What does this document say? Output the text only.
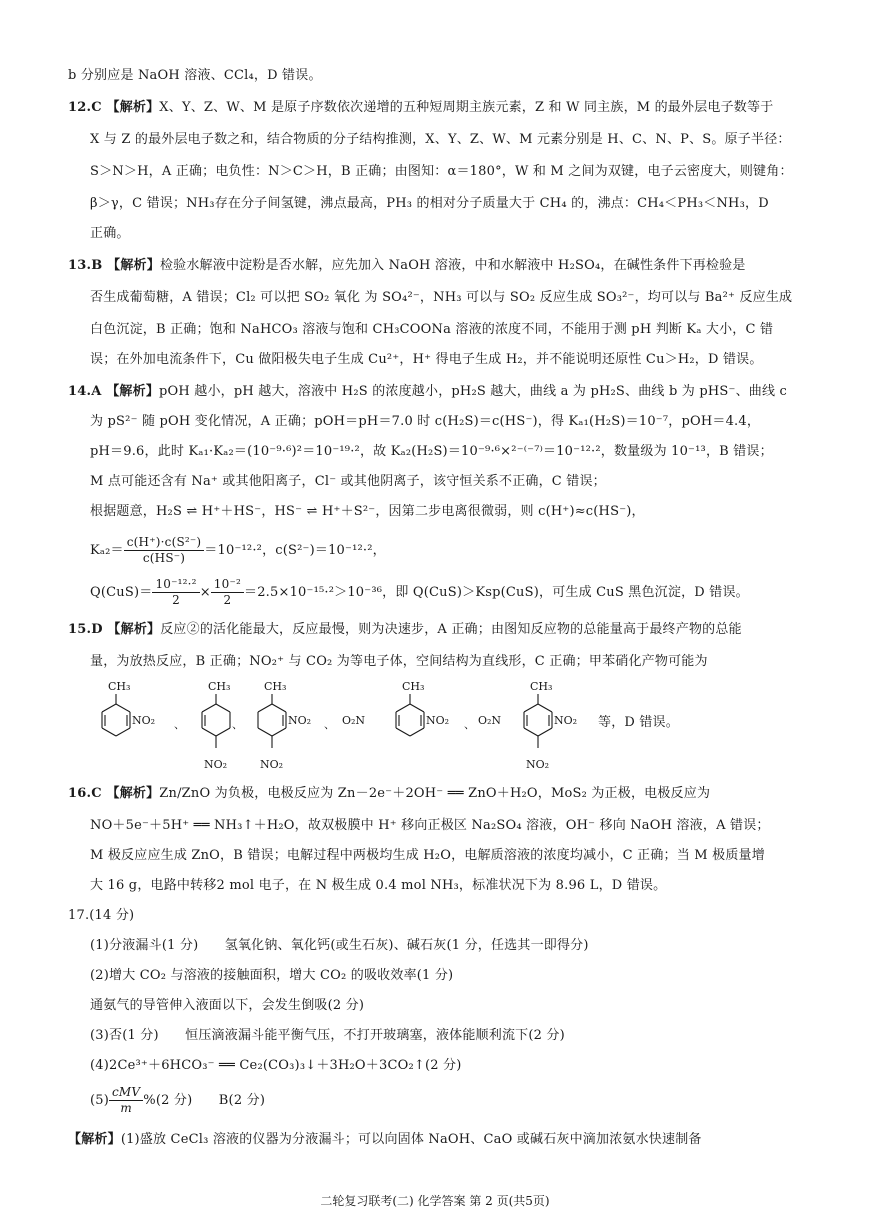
b 分别应是 NaOH 溶液、CCl₄，D 错误。
12.C 【解析】X、Y、Z、W、M 是原子序数依次递增的五种短周期主族元素，Z 和 W 同主族，M 的最外层电子数等于
X 与 Z 的最外层电子数之和，结合物质的分子结构推测，X、Y、Z、W、M 元素分别是 H、C、N、P、S。原子半径：
S＞N＞H，A 正确；电负性：N＞C＞H，B 正确；由图知：α＝180°，W 和 M 之间为双键，电子云密度大，则键角：
β＞γ，C 错误；NH₃存在分子间氢键，沸点最高，PH₃ 的相对分子质量大于 CH₄ 的，沸点：CH₄＜PH₃＜NH₃，D
正确。
13.B 【解析】检验水解液中淀粉是否水解，应先加入 NaOH 溶液，中和水解液中 H₂SO₄，在碱性条件下再检验是
否生成葡萄糖，A 错误；Cl₂ 可以把 SO₂ 氧化 为 SO₄²⁻，NH₃ 可以与 SO₂ 反应生成 SO₃²⁻，均可以与 Ba²⁺ 反应生成
白色沉淀，B 正确；饱和 NaHCO₃ 溶液与饱和 CH₃COONa 溶液的浓度不同，不能用于测 pH 判断 Kₐ 大小，C 错
误；在外加电流条件下，Cu 做阳极失电子生成 Cu²⁺，H⁺ 得电子生成 H₂，并不能说明还原性 Cu＞H₂，D 错误。
14.A 【解析】pOH 越小，pH 越大，溶液中 H₂S 的浓度越小，pH₂S 越大，曲线 a 为 pH₂S、曲线 b 为 pHS⁻、曲线 c
为 pS²⁻ 随 pOH 变化情况，A 正确；pOH＝pH＝7.0 时 c(H₂S)＝c(HS⁻)，得 Kₐ₁(H₂S)＝10⁻⁷，pOH＝4.4，
pH＝9.6，此时 Kₐ₁·Kₐ₂＝(10⁻⁹·⁶)²＝10⁻¹⁹·²，故 Kₐ₂(H₂S)＝10⁻⁹·⁶×²⁻⁽⁻⁷⁾＝10⁻¹²·²，数量级为 10⁻¹³，B 错误；
M 点可能还含有 Na⁺ 或其他阳离子，Cl⁻ 或其他阴离子，该守恒关系不正确，C 错误；
根据题意，H₂S ⇌ H⁺＋HS⁻，HS⁻ ⇌ H⁺＋S²⁻，因第二步电离很微弱，则 c(H⁺)≈c(HS⁻)，
$K_{a2}= \frac{\text{c(H⁺)·c(S²⁻)}}{c(HS^-)} =10^{-12}\cdot^2$，c(S²⁻)＝10⁻¹²·²，
$Q(CuS)= \frac{\text{10⁻¹²·²}}{2} \times \frac{\text{10⁻²}}{2} =2.5\times 10^{-15}\cdot^2>10^{-36}$，即 Q(CuS)＞Ksp(CuS)，可生成 CuS 黑色沉淀，D 错误。
15.D 【解析】反应②的活化能最大，反应最慢，则为决速步，A 正确；由图知反应物的总能量高于最终产物的总能
量，为放热反应，B 正确；NO₂⁺ 与 CO₂ 为等电子体，空间结构为直线形，C 正确；甲苯硝化产物可能为
CH₃
NO₂ 、
CH₃
NO₂
、
CH₃
NO₂
NO₂
、
CH₃
O₂N	NO₂ 、
CH₃
O₂N	NO₂
NO₂
等，D 错误。
16.C 【解析】Zn/ZnO 为负极，电极反应为 Zn－2e⁻＋2OH⁻ ══ ZnO＋H₂O，MoS₂ 为正极，电极反应为
NO＋5e⁻＋5H⁺ ══ NH₃↑＋H₂O，故双极膜中 H⁺ 移向正极区 Na₂SO₄ 溶液，OH⁻ 移向 NaOH 溶液，A 错误；
M 极反应应生成 ZnO，B 错误；电解过程中两极均生成 H₂O，电解质溶液的浓度均减小，C 正确；当 M 极质量增
大 16 g，电路中转移2 mol 电子，在 N 极生成 0.4 mol NH₃，标准状况下为 8.96 L，D 错误。
17.(14 分)
(1)分液漏斗(1 分)　　氢氧化钠、氧化钙(或生石灰)、碱石灰(1 分，任选其一即得分)
(2)增大 CO₂ 与溶液的接触面积，增大 CO₂ 的吸收效率(1 分)
通氨气的导管伸入液面以下，会发生倒吸(2 分)
(3)否(1 分)　　恒压滴液漏斗能平衡气压，不打开玻璃塞，液体能顺利流下(2 分)
(4)2Ce³⁺＋6HCO₃⁻ ══ Ce₂(CO₃)₃↓＋3H₂O＋3CO₂↑(2 分)
$(5) \frac{\text{cMV}}{m} \%(2$ 分)　　B(2 分)
【解析】(1)盛放 CeCl₃ 溶液的仪器为分液漏斗；可以向固体 NaOH、CaO 或碱石灰中滴加浓氨水快速制备
二轮复习联考(二) 化学答案 第 2 页(共5页)
